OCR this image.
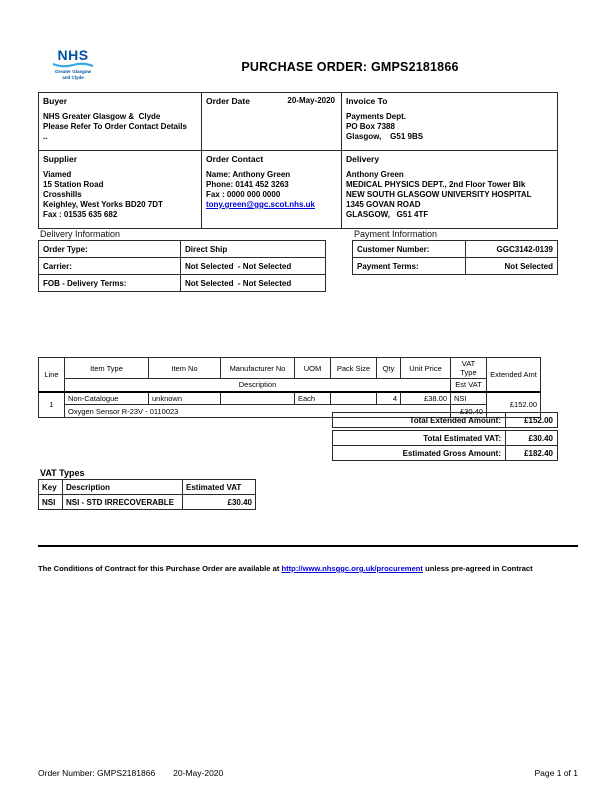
NHS
Greater Glasgow
and Clyde
PURCHASE ORDER: GMPS2181866
Buyer
NHS Greater Glasgow &  Clyde
Please Refer To Order Contact Details
..

Order Date	20-May-2020	Invoice To
Payments Dept.
PO Box 7388
Glasgow,    G51 9BS

Supplier
Viamed
15 Station Road
Crosshills
Keighley, West Yorks BD20 7DT
Fax : 01535 635 682

Order Contact
Name: Anthony Green
Phone: 0141 452 3263
Fax : 0000 000 0000
tony.green@ggc.scot.nhs.uk

Delivery
Anthony Green
MEDICAL PHYSICS DEPT., 2nd Floor Tower Blk
NEW SOUTH GLASGOW UNIVERSITY HOSPITAL
1345 GOVAN ROAD
GLASGOW,   G51 4TF
Delivery Information
Order Type:	Direct Ship
Carrier:	Not Selected  - Not Selected
FOB - Delivery Terms:	Not Selected  - Not Selected
Payment Information
Customer Number:	GGC3142-0139
Payment Terms:	Not Selected
Line	Item Type	Item No	Manufacturer No	UOM	Pack Size	Qty	Unit Price	VAT Type	Extended Amt
	Description							Est VAT	
1	Non-Catalogue	unknown		Each		4	£38.00	NSI	£152.00
	Oxygen Sensor R-23V - 0110023							£30.40	
Total Extended Amount:	£152.00
Total Estimated VAT:	£30.40
Estimated Gross Amount:	£182.40
VAT Types
Key	Description	Estimated VAT
NSI	NSI - STD IRRECOVERABLE	£30.40
The Conditions of Contract for this Purchase Order are available at http://www.nhsggc.org.uk/procurement unless pre-agreed in Contract
Order Number: GMPS2181866 20-May-2020	Page 1 of 1
